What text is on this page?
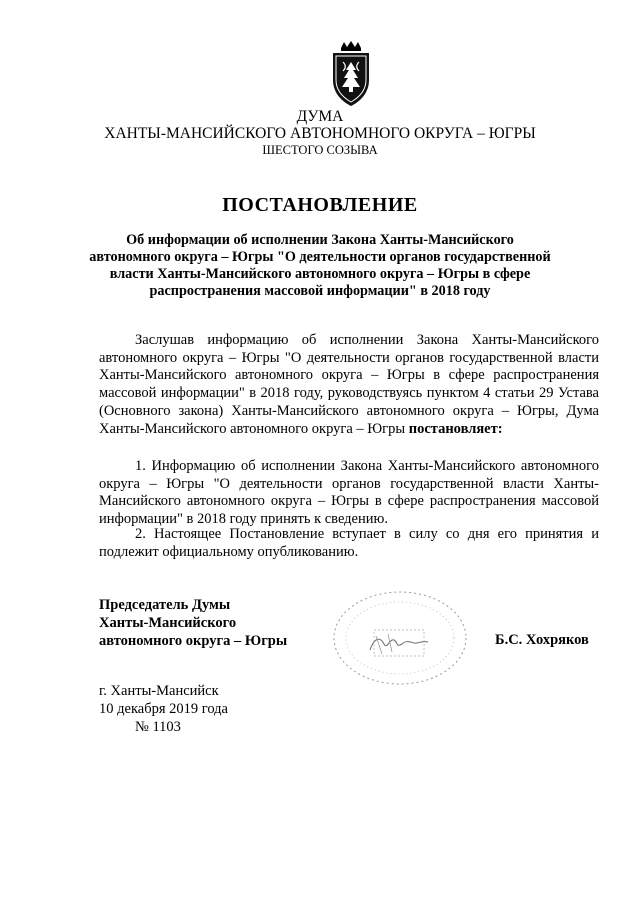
ДУМА
ХАНТЫ-МАНСИЙСКОГО АВТОНОМНОГО ОКРУГА – ЮГРЫ
ШЕСТОГО СОЗЫВА
ПОСТАНОВЛЕНИЕ
Об информации об исполнении Закона Ханты-Мансийского
автономного округа – Югры "О деятельности органов государственной
власти Ханты-Мансийского автономного округа – Югры в сфере
распространения массовой информации" в 2018 году
Заслушав информацию об исполнении Закона Ханты-Мансийского автономного округа – Югры "О деятельности органов государственной власти Ханты-Мансийского автономного округа – Югры в сфере распространения массовой информации" в 2018 году, руководствуясь пунктом 4 статьи 29 Устава (Основного закона) Ханты-Мансийского автономного округа – Югры, Дума Ханты-Мансийского автономного округа – Югры постановляет:
1. Информацию об исполнении Закона Ханты-Мансийского автономного округа – Югры "О деятельности органов государственной власти Ханты-Мансийского автономного округа – Югры в сфере распространения массовой информации" в 2018 году принять к сведению.
2. Настоящее Постановление вступает в силу со дня его принятия и подлежит официальному опубликованию.
Председатель Думы
Ханты-Мансийского
автономного округа – Югры	Б.С. Хохряков
г. Ханты-Мансийск
10 декабря 2019 года
№ 1103
